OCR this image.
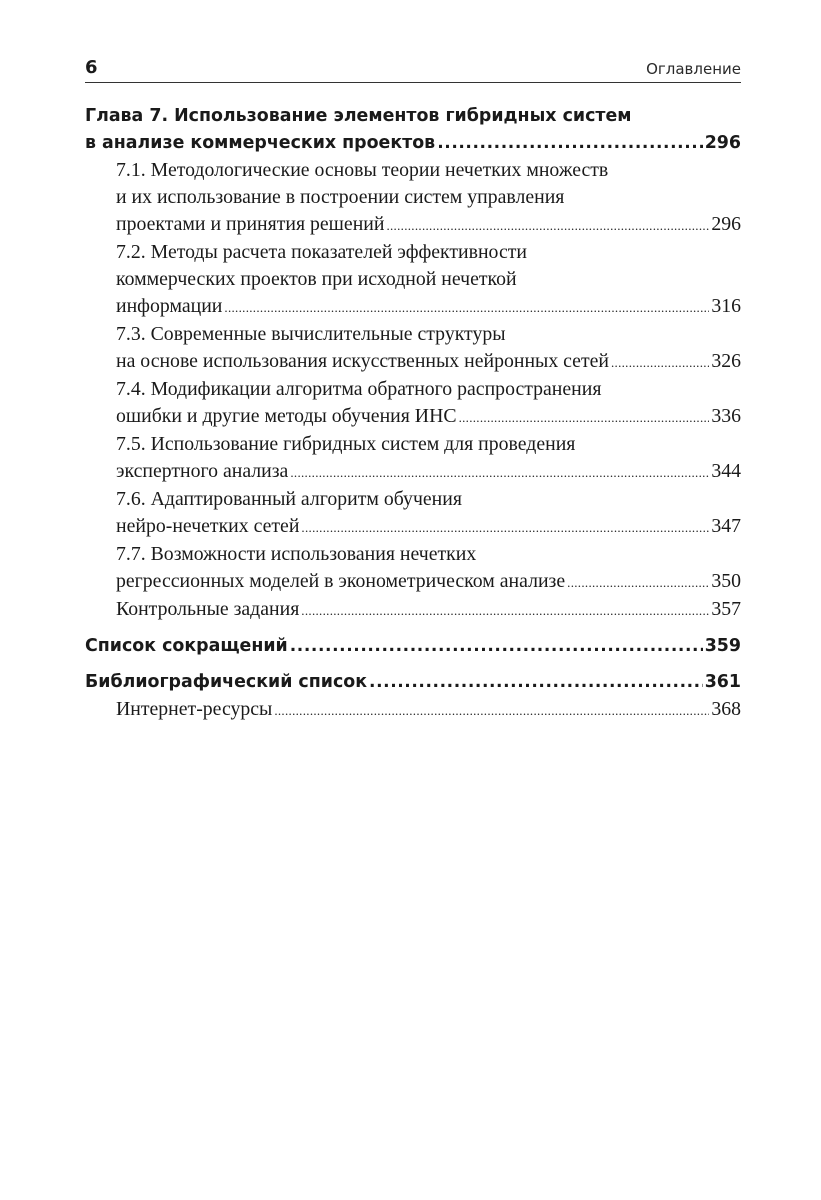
6	Оглавление
Глава 7. Использование элементов гибридных систем
в анализе коммерческих проектов .....	296
7.1. Методологические основы теории нечетких множеств
и их использование в построении систем управления
проектами и принятия решений .....	296
7.2. Методы расчета показателей эффективности
коммерческих проектов при исходной нечеткой
информации .....	316
7.3. Современные вычислительные структуры
на основе использования искусственных нейронных сетей .....	326
7.4. Модификации алгоритма обратного распространения
ошибки и другие методы обучения ИНС .....	336
7.5. Использование гибридных систем для проведения
экспертного анализа .....	344
7.6. Адаптированный алгоритм обучения
нейро-нечетких сетей .....	347
7.7. Возможности использования нечетких
регрессионных моделей в эконометрическом анализе .....	350
Контрольные задания .....	357
Список сокращений .....	359
Библиографический список .....	361
Интернет-ресурсы .....	368
